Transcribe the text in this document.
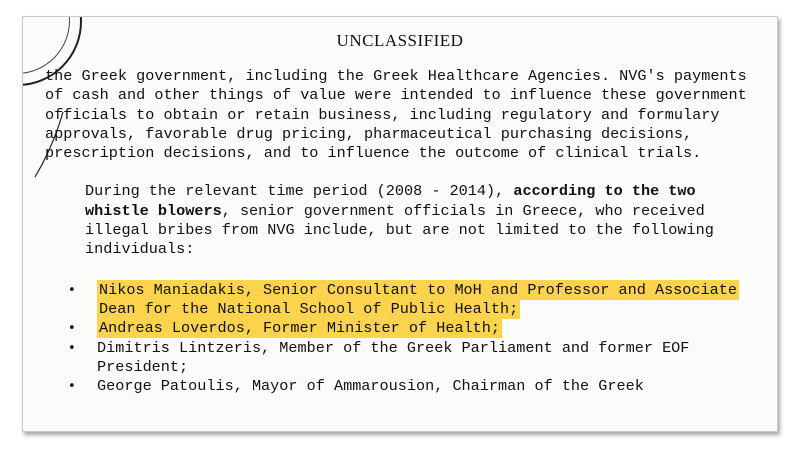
UNCLASSIFIED

the Greek government, including the Greek Healthcare Agencies. NVG's payments of cash and other things of value were intended to influence these government officials to obtain or retain business, including regulatory and formulary approvals, favorable drug pricing, pharmaceutical purchasing decisions, prescription decisions, and to influence the outcome of clinical trials.

During the relevant time period (2008 - 2014), according to the two whistle blowers, senior government officials in Greece, who received illegal bribes from NVG include, but are not limited to the following individuals:

• Nikos Maniadakis, Senior Consultant to MoH and Professor and Associate Dean for the National School of Public Health;
• Andreas Loverdos, Former Minister of Health;
• Dimitris Lintzeris, Member of the Greek Parliament and former EOF President;
• George Patoulis, Mayor of Ammarousion, Chairman of the Greek
